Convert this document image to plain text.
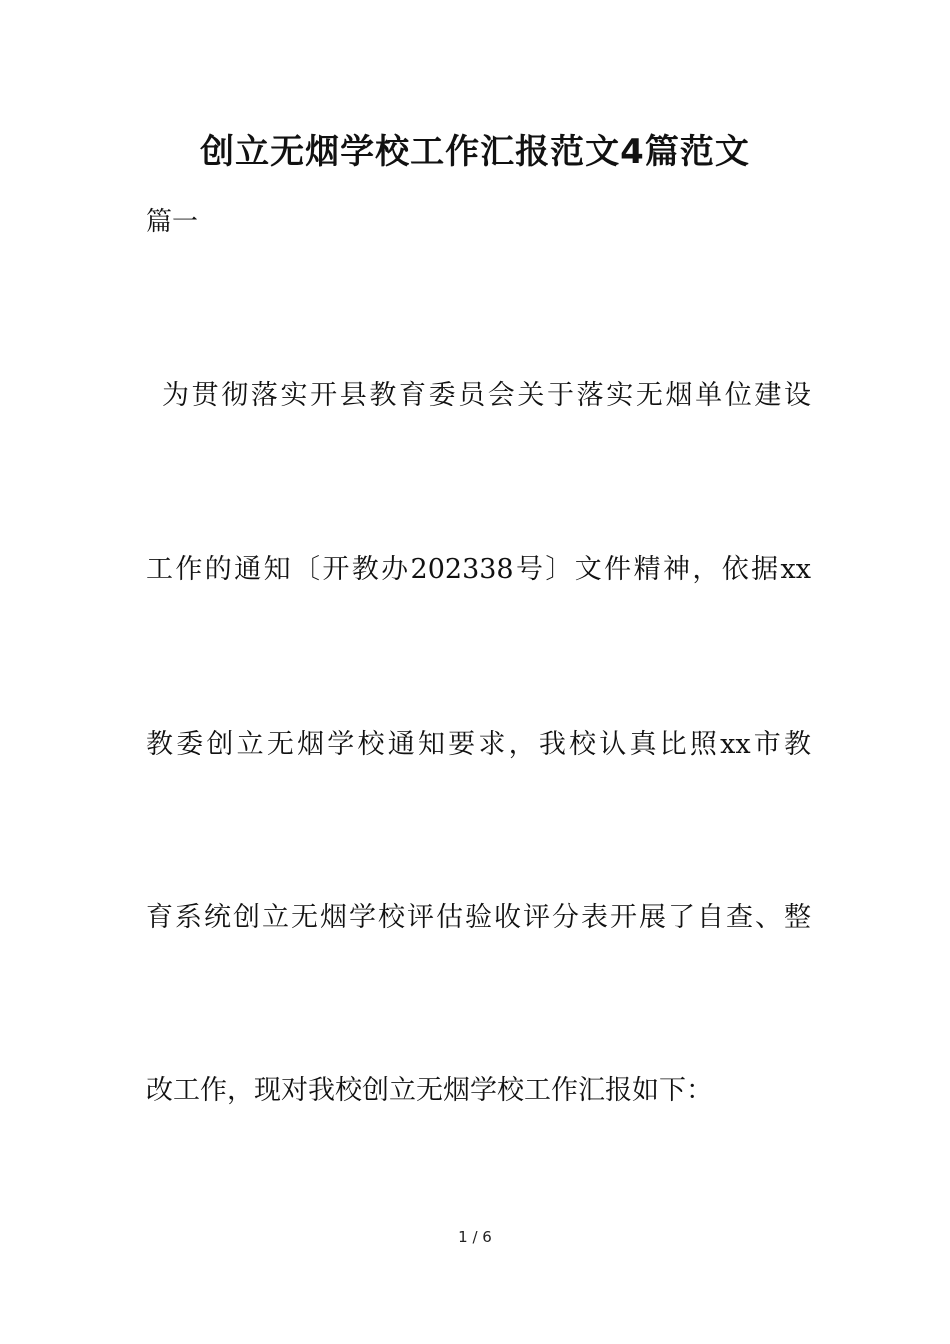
创立无烟学校工作汇报范文4篇范文
篇一
为贯彻落实开县教育委员会关于落实无烟单位建设
工作的通知〔开教办202338号〕文件精神，依据xx
教委创立无烟学校通知要求，我校认真比照xx市教
育系统创立无烟学校评估验收评分表开展了自查、整
改工作，现对我校创立无烟学校工作汇报如下：
1 / 6
